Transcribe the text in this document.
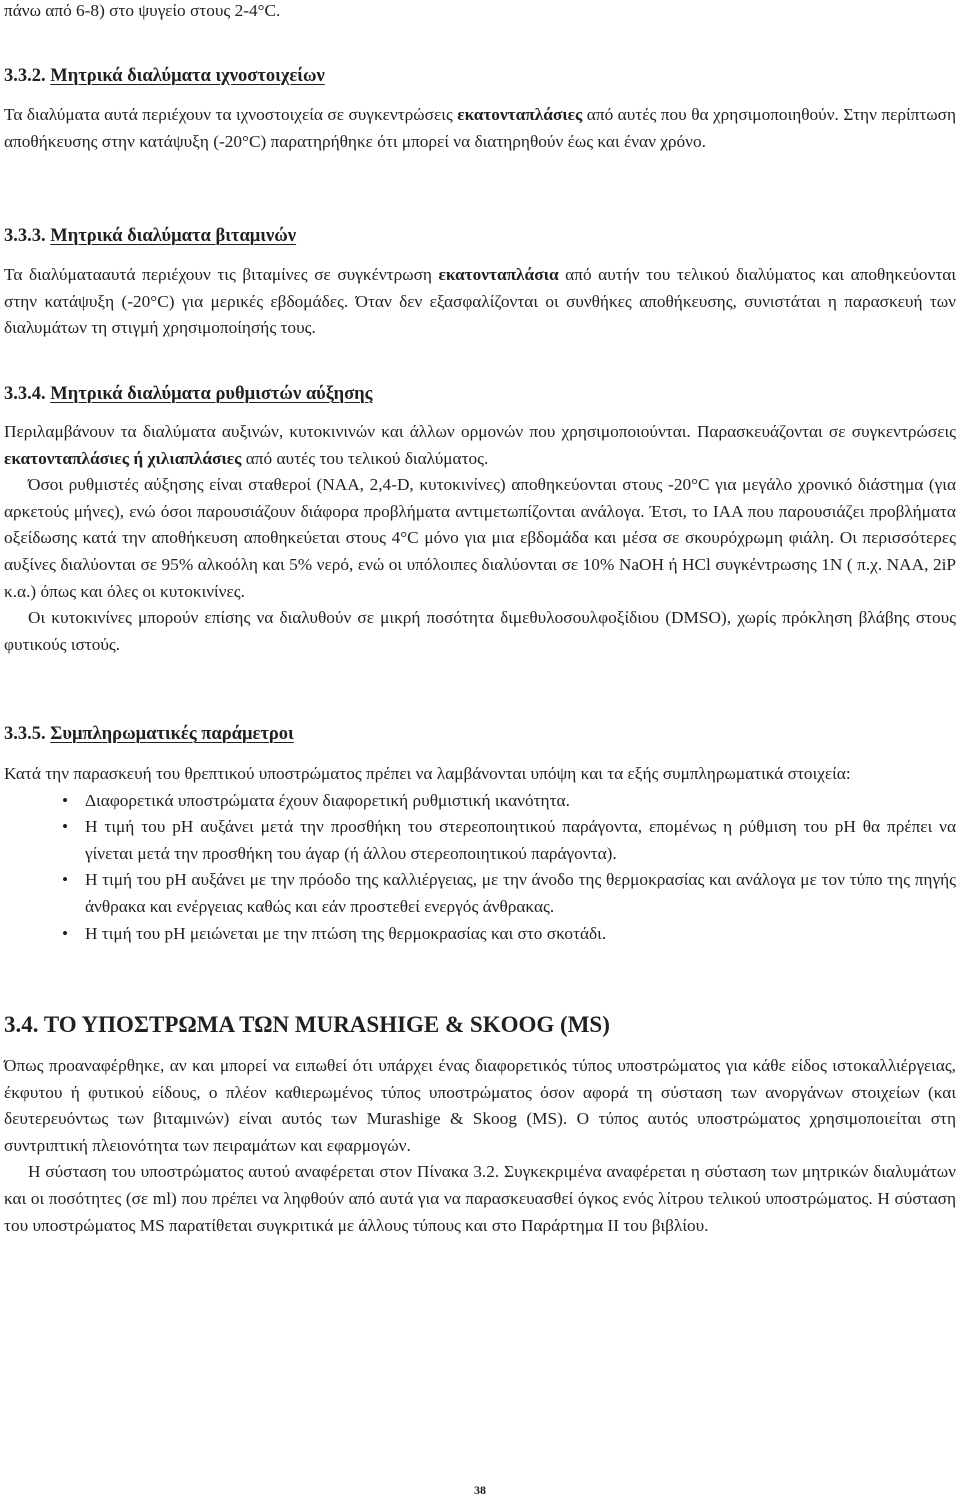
πάνω από 6-8) στο ψυγείο στους 2-4°C.

3.3.2. Μητρικά διαλύματα ιχνοστοιχείων

Τα διαλύματα αυτά περιέχουν τα ιχνοστοιχεία σε συγκεντρώσεις εκατονταπλάσιες από αυτές που θα χρησιμοποιηθούν. Στην περίπτωση αποθήκευσης στην κατάψυξη (-20°C) παρατηρήθηκε ότι μπορεί να διατηρηθούν έως και έναν χρόνο.

3.3.3. Μητρικά διαλύματα βιταμινών

Τα διαλύματααυτά περιέχουν τις βιταμίνες σε συγκέντρωση εκατονταπλάσια από αυτήν του τελικού διαλύματος και αποθηκεύονται στην κατάψυξη (-20°C) για μερικές εβδομάδες. Όταν δεν εξασφαλίζονται οι συνθήκες αποθήκευσης, συνιστάται η παρασκευή των διαλυμάτων τη στιγμή χρησιμοποίησής τους.

3.3.4. Μητρικά διαλύματα ρυθμιστών αύξησης

Περιλαμβάνουν τα διαλύματα αυξινών, κυτοκινινών και άλλων ορμονών που χρησιμοποιούνται. Παρασκευάζονται σε συγκεντρώσεις εκατονταπλάσιες ή χιλιαπλάσιες από αυτές του τελικού διαλύματος.

Όσοι ρυθμιστές αύξησης είναι σταθεροί (NAA, 2,4-D, κυτοκινίνες) αποθηκεύονται στους -20°C για μεγάλο χρονικό διάστημα (για αρκετούς μήνες), ενώ όσοι παρουσιάζουν διάφορα προβλήματα αντιμετωπίζονται ανάλογα. Έτσι, το IAA που παρουσιάζει προβλήματα οξείδωσης κατά την αποθήκευση αποθηκεύεται στους 4°C μόνο για μια εβδομάδα και μέσα σε σκουρόχρωμη φιάλη. Οι περισσότερες αυξίνες διαλύονται σε 95% αλκοόλη και 5% νερό, ενώ οι υπόλοιπες διαλύονται σε 10% NaOH ή HCl συγκέντρωσης 1N ( π.χ. NAA, 2iP κ.α.) όπως και όλες οι κυτοκινίνες.

Οι κυτοκινίνες μπορούν επίσης να διαλυθούν σε μικρή ποσότητα διμεθυλοσουλφοξίδιου (DMSO), χωρίς πρόκληση βλάβης στους φυτικούς ιστούς.

3.3.5. Συμπληρωματικές παράμετροι

Κατά την παρασκευή του θρεπτικού υποστρώματος πρέπει να λαμβάνονται υπόψη και τα εξής συμπληρωματικά στοιχεία:

• Διαφορετικά υποστρώματα έχουν διαφορετική ρυθμιστική ικανότητα.
• Η τιμή του pH αυξάνει μετά την προσθήκη του στερεοποιητικού παράγοντα, επομένως η ρύθμιση του pH θα πρέπει να γίνεται μετά την προσθήκη του άγαρ (ή άλλου στερεοποιητικού παράγοντα).
• Η τιμή του pH αυξάνει με την πρόοδο της καλλιέργειας, με την άνοδο της θερμοκρασίας και ανάλογα με τον τύπο της πηγής άνθρακα και ενέργειας καθώς και εάν προστεθεί ενεργός άνθρακας.
• Η τιμή του pH μειώνεται με την πτώση της θερμοκρασίας και στο σκοτάδι.
3.4. ΤΟ ΥΠΟΣΤΡΩΜΑ ΤΩΝ MURASHIGE & SKOOG (MS)

Όπως προαναφέρθηκε, αν και μπορεί να ειπωθεί ότι υπάρχει ένας διαφορετικός τύπος υποστρώματος για κάθε είδος ιστοκαλλιέργειας, έκφυτου ή φυτικού είδους, ο πλέον καθιερωμένος τύπος υποστρώματος όσον αφορά τη σύσταση των ανοργάνων στοιχείων (και δευτερευόντως των βιταμινών) είναι αυτός των Murashige & Skoog (MS). O τύπος αυτός υποστρώματος χρησιμοποιείται στη συντριπτική πλειονότητα των πειραμάτων και εφαρμογών.

Η σύσταση του υποστρώματος αυτού αναφέρεται στον Πίνακα 3.2. Συγκεκριμένα αναφέρεται η σύσταση των μητρικών διαλυμάτων και οι ποσότητες (σε ml) που πρέπει να ληφθούν από αυτά για να παρασκευασθεί όγκος ενός λίτρου τελικού υποστρώματος. Η σύσταση του υποστρώματος MS παρατίθεται συγκριτικά με άλλους τύπους και στο Παράρτημα ΙΙ του βιβλίου.

38
